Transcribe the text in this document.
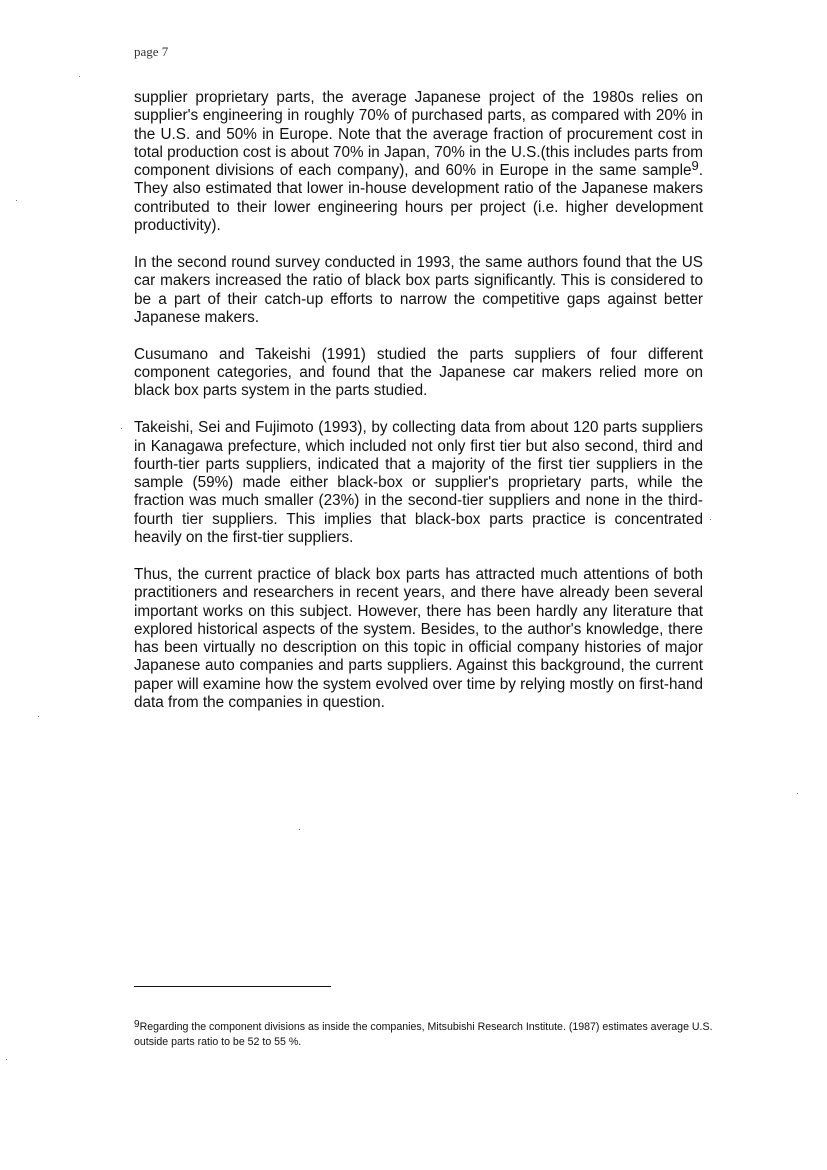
page 7

supplier proprietary parts, the average Japanese project of the 1980s relies on supplier's engineering in roughly 70% of purchased parts, as compared with 20% in the U.S. and 50% in Europe. Note that the average fraction of procurement cost in total production cost is about 70% in Japan, 70% in the U.S.(this includes parts from component divisions of each company), and 60% in Europe in the same sample$^9$. They also estimated that lower in-house development ratio of the Japanese makers contributed to their lower engineering hours per project (i.e. higher development productivity).

In the second round survey conducted in 1993, the same authors found that the US car makers increased the ratio of black box parts significantly. This is considered to be a part of their catch-up efforts to narrow the competitive gaps against better Japanese makers.

Cusumano and Takeishi (1991) studied the parts suppliers of four different component categories, and found that the Japanese car makers relied more on black box parts system in the parts studied.

Takeishi, Sei and Fujimoto (1993), by collecting data from about 120 parts suppliers in Kanagawa prefecture, which included not only first tier but also second, third and fourth-tier parts suppliers, indicated that a majority of the first tier suppliers in the sample (59%) made either black-box or supplier's proprietary parts, while the fraction was much smaller (23%) in the second-tier suppliers and none in the third-fourth tier suppliers. This implies that black-box parts practice is concentrated heavily on the first-tier suppliers.

Thus, the current practice of black box parts has attracted much attentions of both practitioners and researchers in recent years, and there have already been several important works on this subject. However, there has been hardly any literature that explored historical aspects of the system. Besides, to the author's knowledge, there has been virtually no description on this topic in official company histories of major Japanese auto companies and parts suppliers. Against this background, the current paper will examine how the system evolved over time by relying mostly on first-hand data from the companies in question.

9Regarding the component divisions as inside the companies, Mitsubishi Research Institute. (1987) estimates average U.S. outside parts ratio to be 52 to 55 %.
